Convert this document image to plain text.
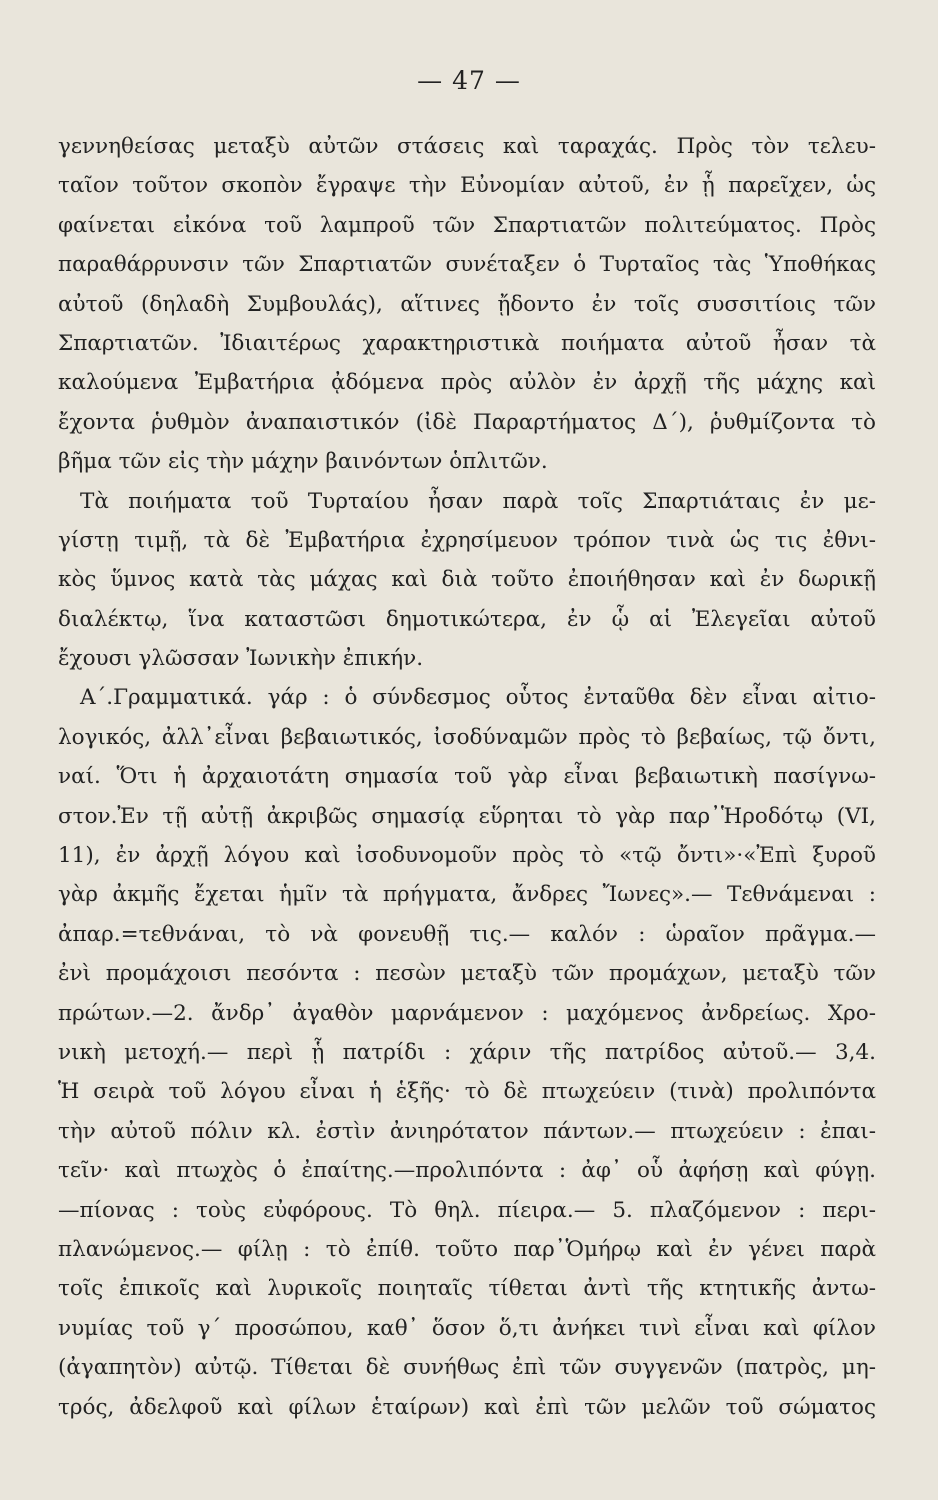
— 47 —
γεννηθείσας μεταξὺ αὐτῶν στάσεις καὶ ταραχάς. Πρὸς τὸν τελευ-
ταῖον τοῦτον σκοπὸν ἔγραψε τὴν Εὐνομίαν αὐτοῦ, ἐν ᾗ παρεῖχεν, ὡς
φαίνεται εἰκόνα τοῦ λαμπροῦ τῶν Σπαρτιατῶν πολιτεύματος. Πρὸς
παραθάρρυνσιν τῶν Σπαρτιατῶν συνέταξεν ὁ Τυρταῖος τὰς Ὑποθήκας
αὐτοῦ (δηλαδὴ Συμβουλάς), αἵτινες ᾔδοντο ἐν τοῖς συσσιτίοις τῶν
Σπαρτιατῶν. Ἰδιαιτέρως χαρακτηριστικὰ ποιήματα αὐτοῦ ἦσαν τὰ
καλούμενα Ἐμβατήρια ᾀδόμενα πρὸς αὐλὸν ἐν ἀρχῇ τῆς μάχης καὶ
ἔχοντα ῥυθμὸν ἀναπαιστικόν (ἰδὲ Παραρτήματος Δ΄), ῥυθμίζοντα τὸ
βῆμα τῶν εἰς τὴν μάχην βαινόντων ὁπλιτῶν.
Τὰ ποιήματα τοῦ Τυρταίου ἦσαν παρὰ τοῖς Σπαρτιάταις ἐν με-
γίστῃ τιμῇ, τὰ δὲ Ἐμβατήρια ἐχρησίμευον τρόπον τινὰ ὡς τις ἐθνι-
κὸς ὕμνος κατὰ τὰς μάχας καὶ διὰ τοῦτο ἐποιήθησαν καὶ ἐν δωρικῇ
διαλέκτῳ, ἵνα καταστῶσι δημοτικώτερα, ἐν ᾧ αἱ Ἐλεγεῖαι αὐτοῦ
ἔχουσι γλῶσσαν Ἰωνικὴν ἐπικήν.
Α΄.Γραμματικά. γάρ : ὁ σύνδεσμος οὗτος ἐνταῦθα δὲν εἶναι αἰτιο-
λογικός, ἀλλ᾽εἶναι βεβαιωτικός, ἰσοδύναμῶν πρὸς τὸ βεβαίως, τῷ ὄντι,
ναί. Ὅτι ἡ ἀρχαιοτάτη σημασία τοῦ γὰρ εἶναι βεβαιωτικὴ πασίγνω-
στον.Ἐν τῇ αὐτῇ ἀκριβῶς σημασίᾳ εὕρηται τὸ γὰρ παρ᾽Ἡροδότῳ (VI,
11), ἐν ἀρχῇ λόγου καὶ ἰσοδυνομοῦν πρὸς τὸ «τῷ ὄντι»·«Ἐπὶ ξυροῦ
γὰρ ἀκμῆς ἔχεται ἡμῖν τὰ πρήγματα, ἄνδρες Ἴωνες».— Τεθνάμεναι :
ἀπαρ.=τεθνάναι, τὸ νὰ φονευθῇ τις.— καλόν : ὡραῖον πρᾶγμα.—
ἐνὶ προμάχοισι πεσόντα : πεσὼν μεταξὺ τῶν προμάχων, μεταξὺ τῶν
πρώτων.—2. ἄνδρ᾽ ἀγαθὸν μαρνάμενον : μαχόμενος ἀνδρείως. Χρο-
νικὴ μετοχή.— περὶ ᾗ πατρίδι : χάριν τῆς πατρίδος αὐτοῦ.— 3,4.
Ἡ σειρὰ τοῦ λόγου εἶναι ἡ ἑξῆς· τὸ δὲ πτωχεύειν (τινὰ) προλιπόντα
τὴν αὐτοῦ πόλιν κλ. ἐστὶν ἀνιηρότατον πάντων.— πτωχεύειν : ἐπαι-
τεῖν· καὶ πτωχὸς ὁ ἐπαίτης.—προλιπόντα : ἀφ᾽ οὗ ἀφήσῃ καὶ φύγῃ.
—πίονας : τοὺς εὐφόρους. Τὸ θηλ. πίειρα.— 5. πλαζόμενον : περι-
πλανώμενος.— φίλῃ : τὸ ἐπίθ. τοῦτο παρ᾽Ὁμήρῳ καὶ ἐν γένει παρὰ
τοῖς ἐπικοῖς καὶ λυρικοῖς ποιηταῖς τίθεται ἀντὶ τῆς κτητικῆς ἀντω-
νυμίας τοῦ γ΄ προσώπου, καθ᾽ ὅσον ὅ,τι ἀνήκει τινὶ εἶναι καὶ φίλον
(ἀγαπητὸν) αὐτῷ. Τίθεται δὲ συνήθως ἐπὶ τῶν συγγενῶν (πατρὸς, μη-
τρός, ἀδελφοῦ καὶ φίλων ἑταίρων) καὶ ἐπὶ τῶν μελῶν τοῦ σώματος
